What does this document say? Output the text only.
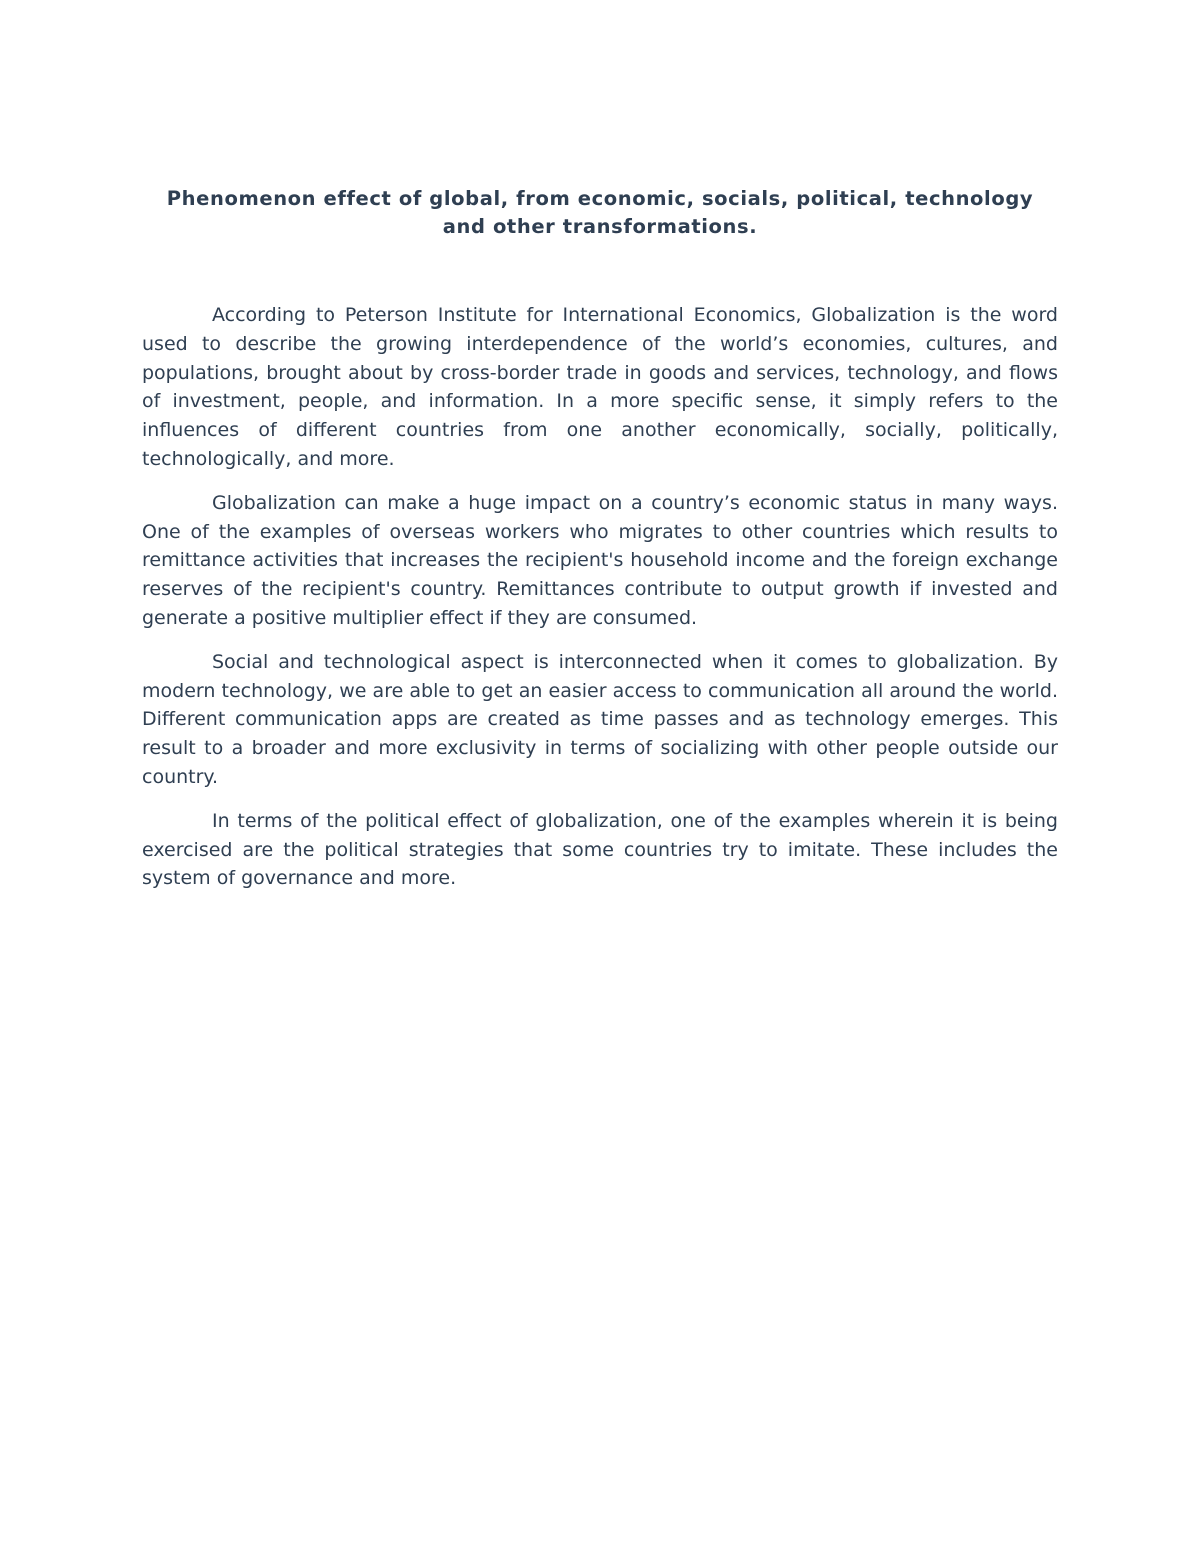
Phenomenon effect of global, from economic, socials, political, technology and other transformations.

According to Peterson Institute for International Economics, Globalization is the word used to describe the growing interdependence of the world’s economies, cultures, and populations, brought about by cross-border trade in goods and services, technology, and flows of investment, people, and information. In a more specific sense, it simply refers to the influences of different countries from one another economically, socially, politically, technologically, and more.

Globalization can make a huge impact on a country’s economic status in many ways. One of the examples of overseas workers who migrates to other countries which results to remittance activities that increases the recipient's household income and the foreign exchange reserves of the recipient's country. Remittances contribute to output growth if invested and generate a positive multiplier effect if they are consumed.

Social and technological aspect is interconnected when it comes to globalization. By modern technology, we are able to get an easier access to communication all around the world. Different communication apps are created as time passes and as technology emerges. This result to a broader and more exclusivity in terms of socializing with other people outside our country.

In terms of the political effect of globalization, one of the examples wherein it is being exercised are the political strategies that some countries try to imitate. These includes the system of governance and more.
